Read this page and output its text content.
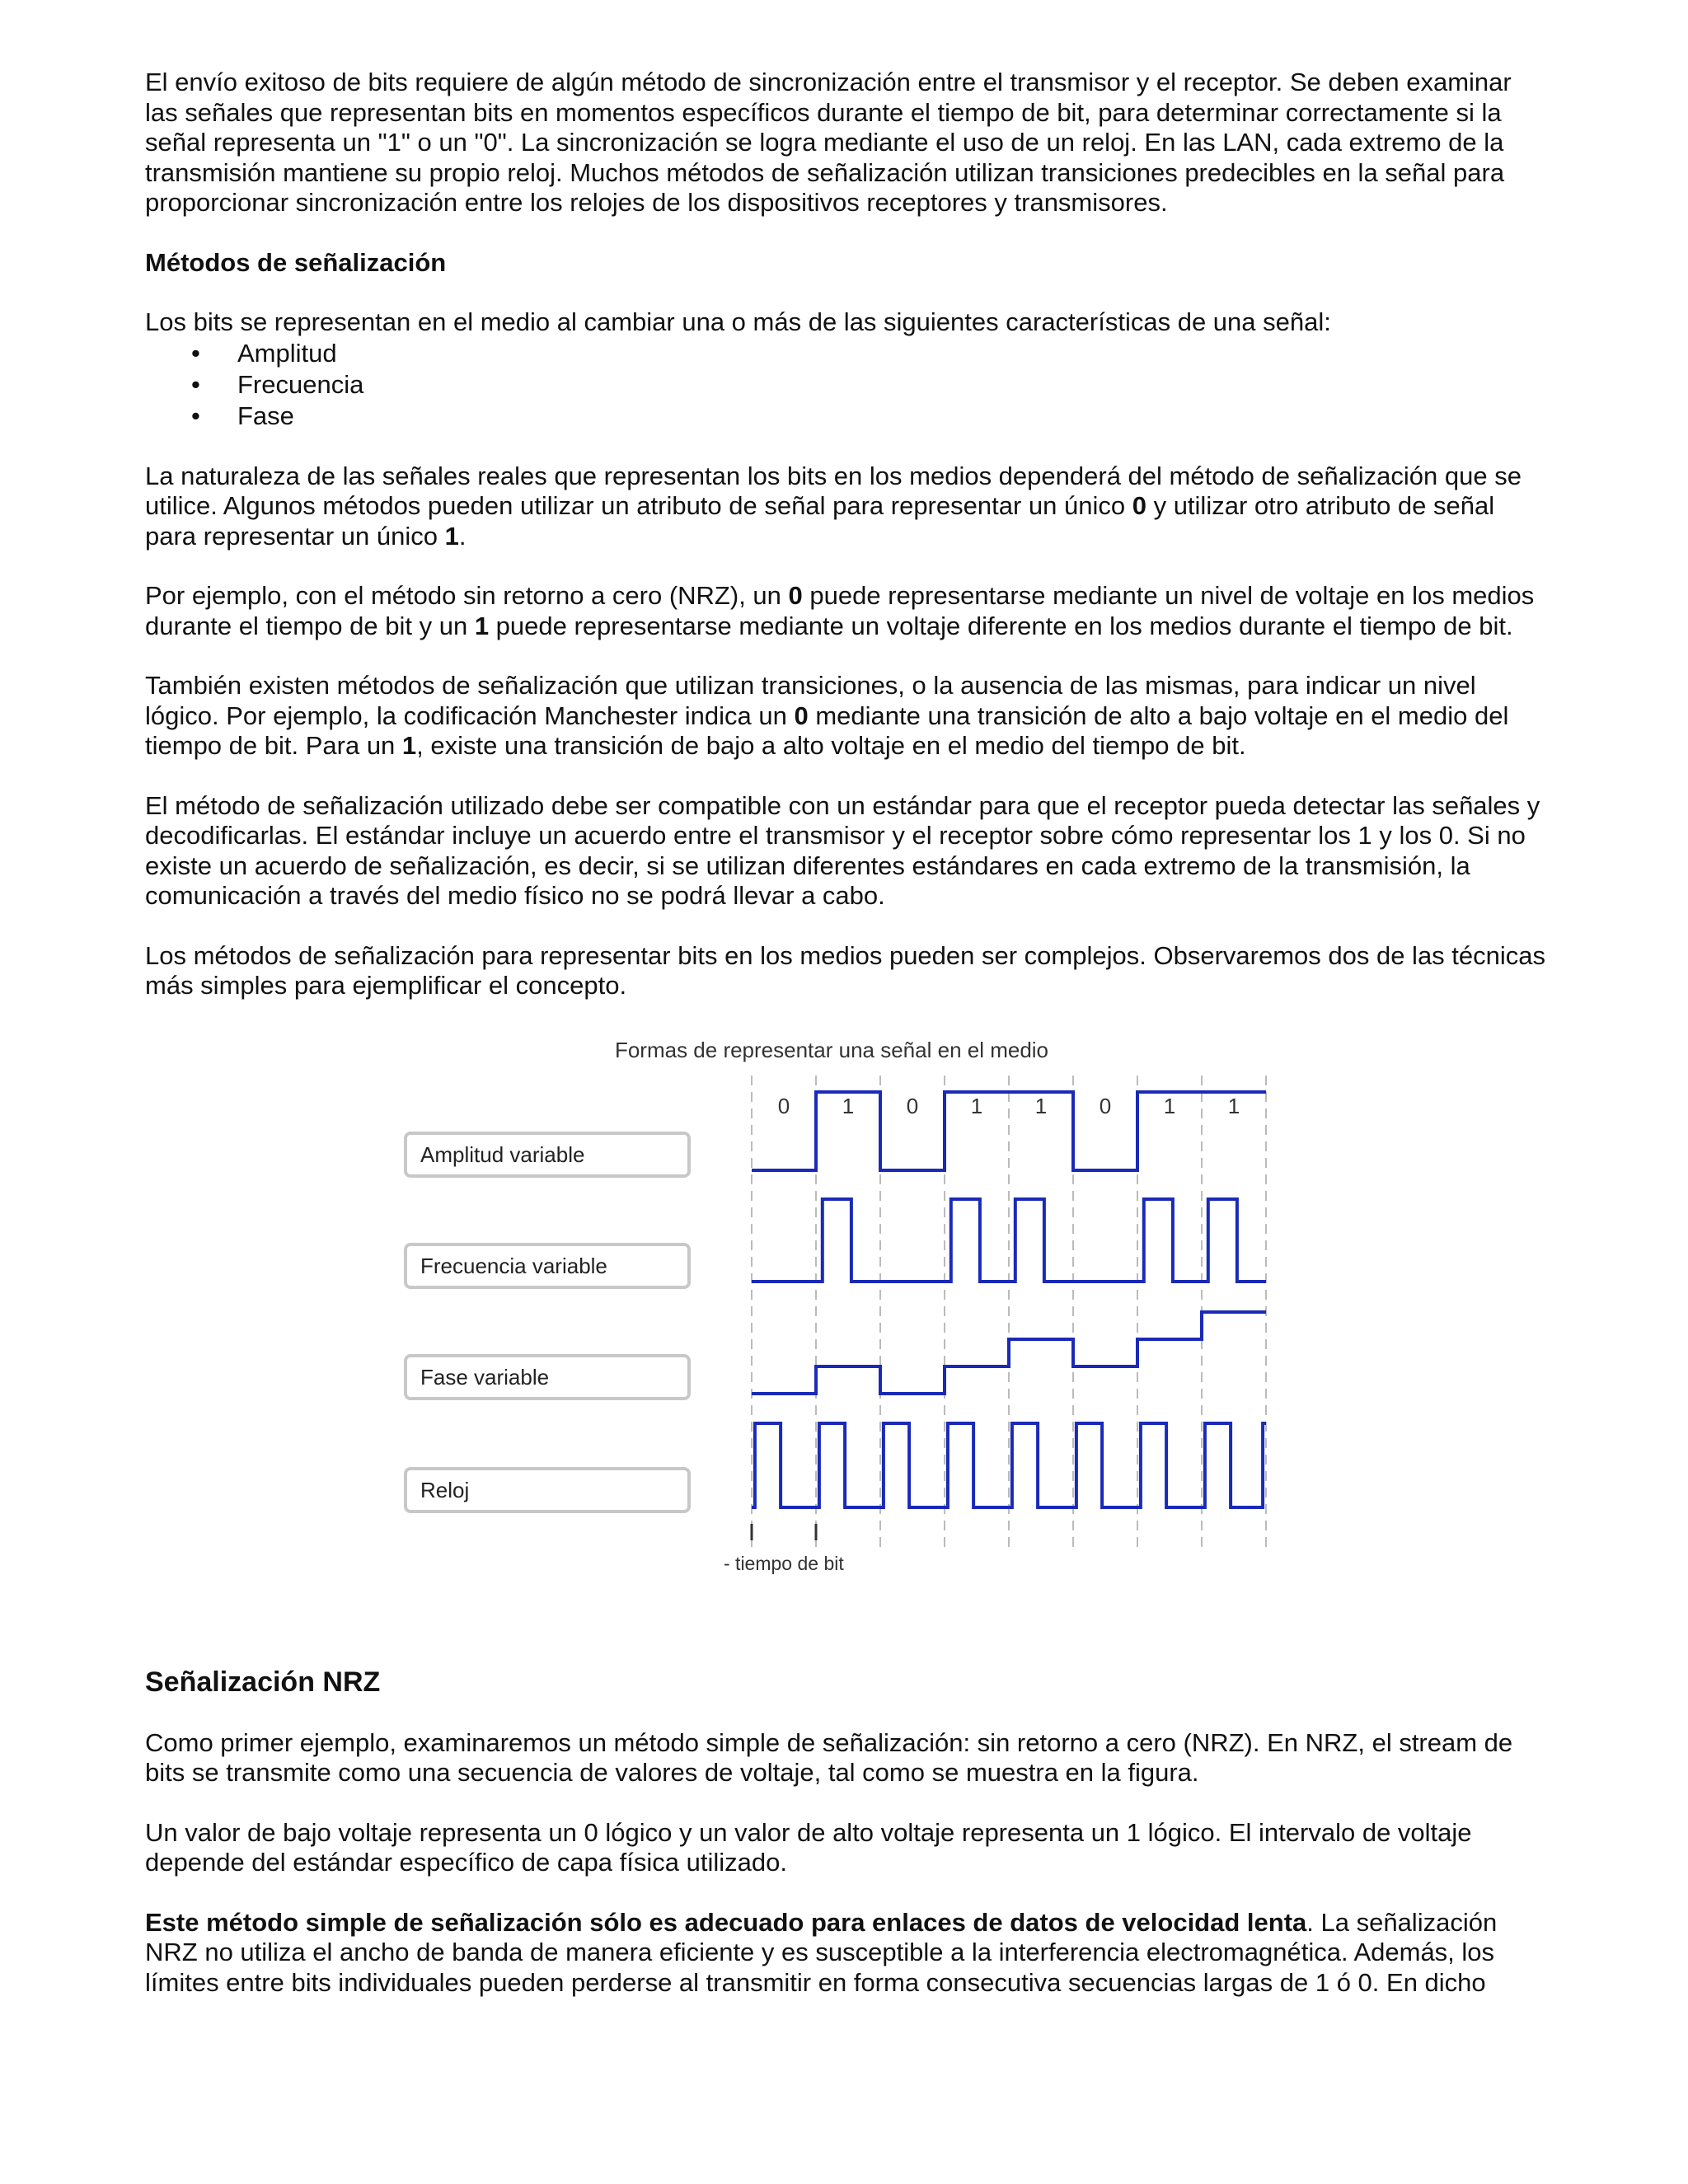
El envío exitoso de bits requiere de algún método de sincronización entre el transmisor y el receptor. Se deben examinar las señales que representan bits en momentos específicos durante el tiempo de bit, para determinar correctamente si la señal representa un "1" o un "0". La sincronización se logra mediante el uso de un reloj. En las LAN, cada extremo de la transmisión mantiene su propio reloj. Muchos métodos de señalización utilizan transiciones predecibles en la señal para proporcionar sincronización entre los relojes de los dispositivos receptores y transmisores.

Métodos de señalización

Los bits se representan en el medio al cambiar una o más de las siguientes características de una señal:

• Amplitud
• Frecuencia
• Fase

La naturaleza de las señales reales que representan los bits en los medios dependerá del método de señalización que se utilice. Algunos métodos pueden utilizar un atributo de señal para representar un único 0 y utilizar otro atributo de señal para representar un único 1.

Por ejemplo, con el método sin retorno a cero (NRZ), un 0 puede representarse mediante un nivel de voltaje en los medios durante el tiempo de bit y un 1 puede representarse mediante un voltaje diferente en los medios durante el tiempo de bit.

También existen métodos de señalización que utilizan transiciones, o la ausencia de las mismas, para indicar un nivel lógico. Por ejemplo, la codificación Manchester indica un 0 mediante una transición de alto a bajo voltaje en el medio del tiempo de bit. Para un 1, existe una transición de bajo a alto voltaje en el medio del tiempo de bit.

El método de señalización utilizado debe ser compatible con un estándar para que el receptor pueda detectar las señales y decodificarlas. El estándar incluye un acuerdo entre el transmisor y el receptor sobre cómo representar los 1 y los 0. Si no existe un acuerdo de señalización, es decir, si se utilizan diferentes estándares en cada extremo de la transmisión, la comunicación a través del medio físico no se podrá llevar a cabo.

Los métodos de señalización para representar bits en los medios pueden ser complejos. Observaremos dos de las técnicas más simples para ejemplificar el concepto.

Formas de representar una señal en el medio
0 1 0 1 1 0 1 1
Amplitud variable
Frecuencia variable
Fase variable
Reloj
- tiempo de bit
Señalización NRZ

Como primer ejemplo, examinaremos un método simple de señalización: sin retorno a cero (NRZ). En NRZ, el stream de bits se transmite como una secuencia de valores de voltaje, tal como se muestra en la figura.

Un valor de bajo voltaje representa un 0 lógico y un valor de alto voltaje representa un 1 lógico. El intervalo de voltaje depende del estándar específico de capa física utilizado.

Este método simple de señalización sólo es adecuado para enlaces de datos de velocidad lenta. La señalización NRZ no utiliza el ancho de banda de manera eficiente y es susceptible a la interferencia electromagnética. Además, los límites entre bits individuales pueden perderse al transmitir en forma consecutiva secuencias largas de 1 ó 0. En dicho
